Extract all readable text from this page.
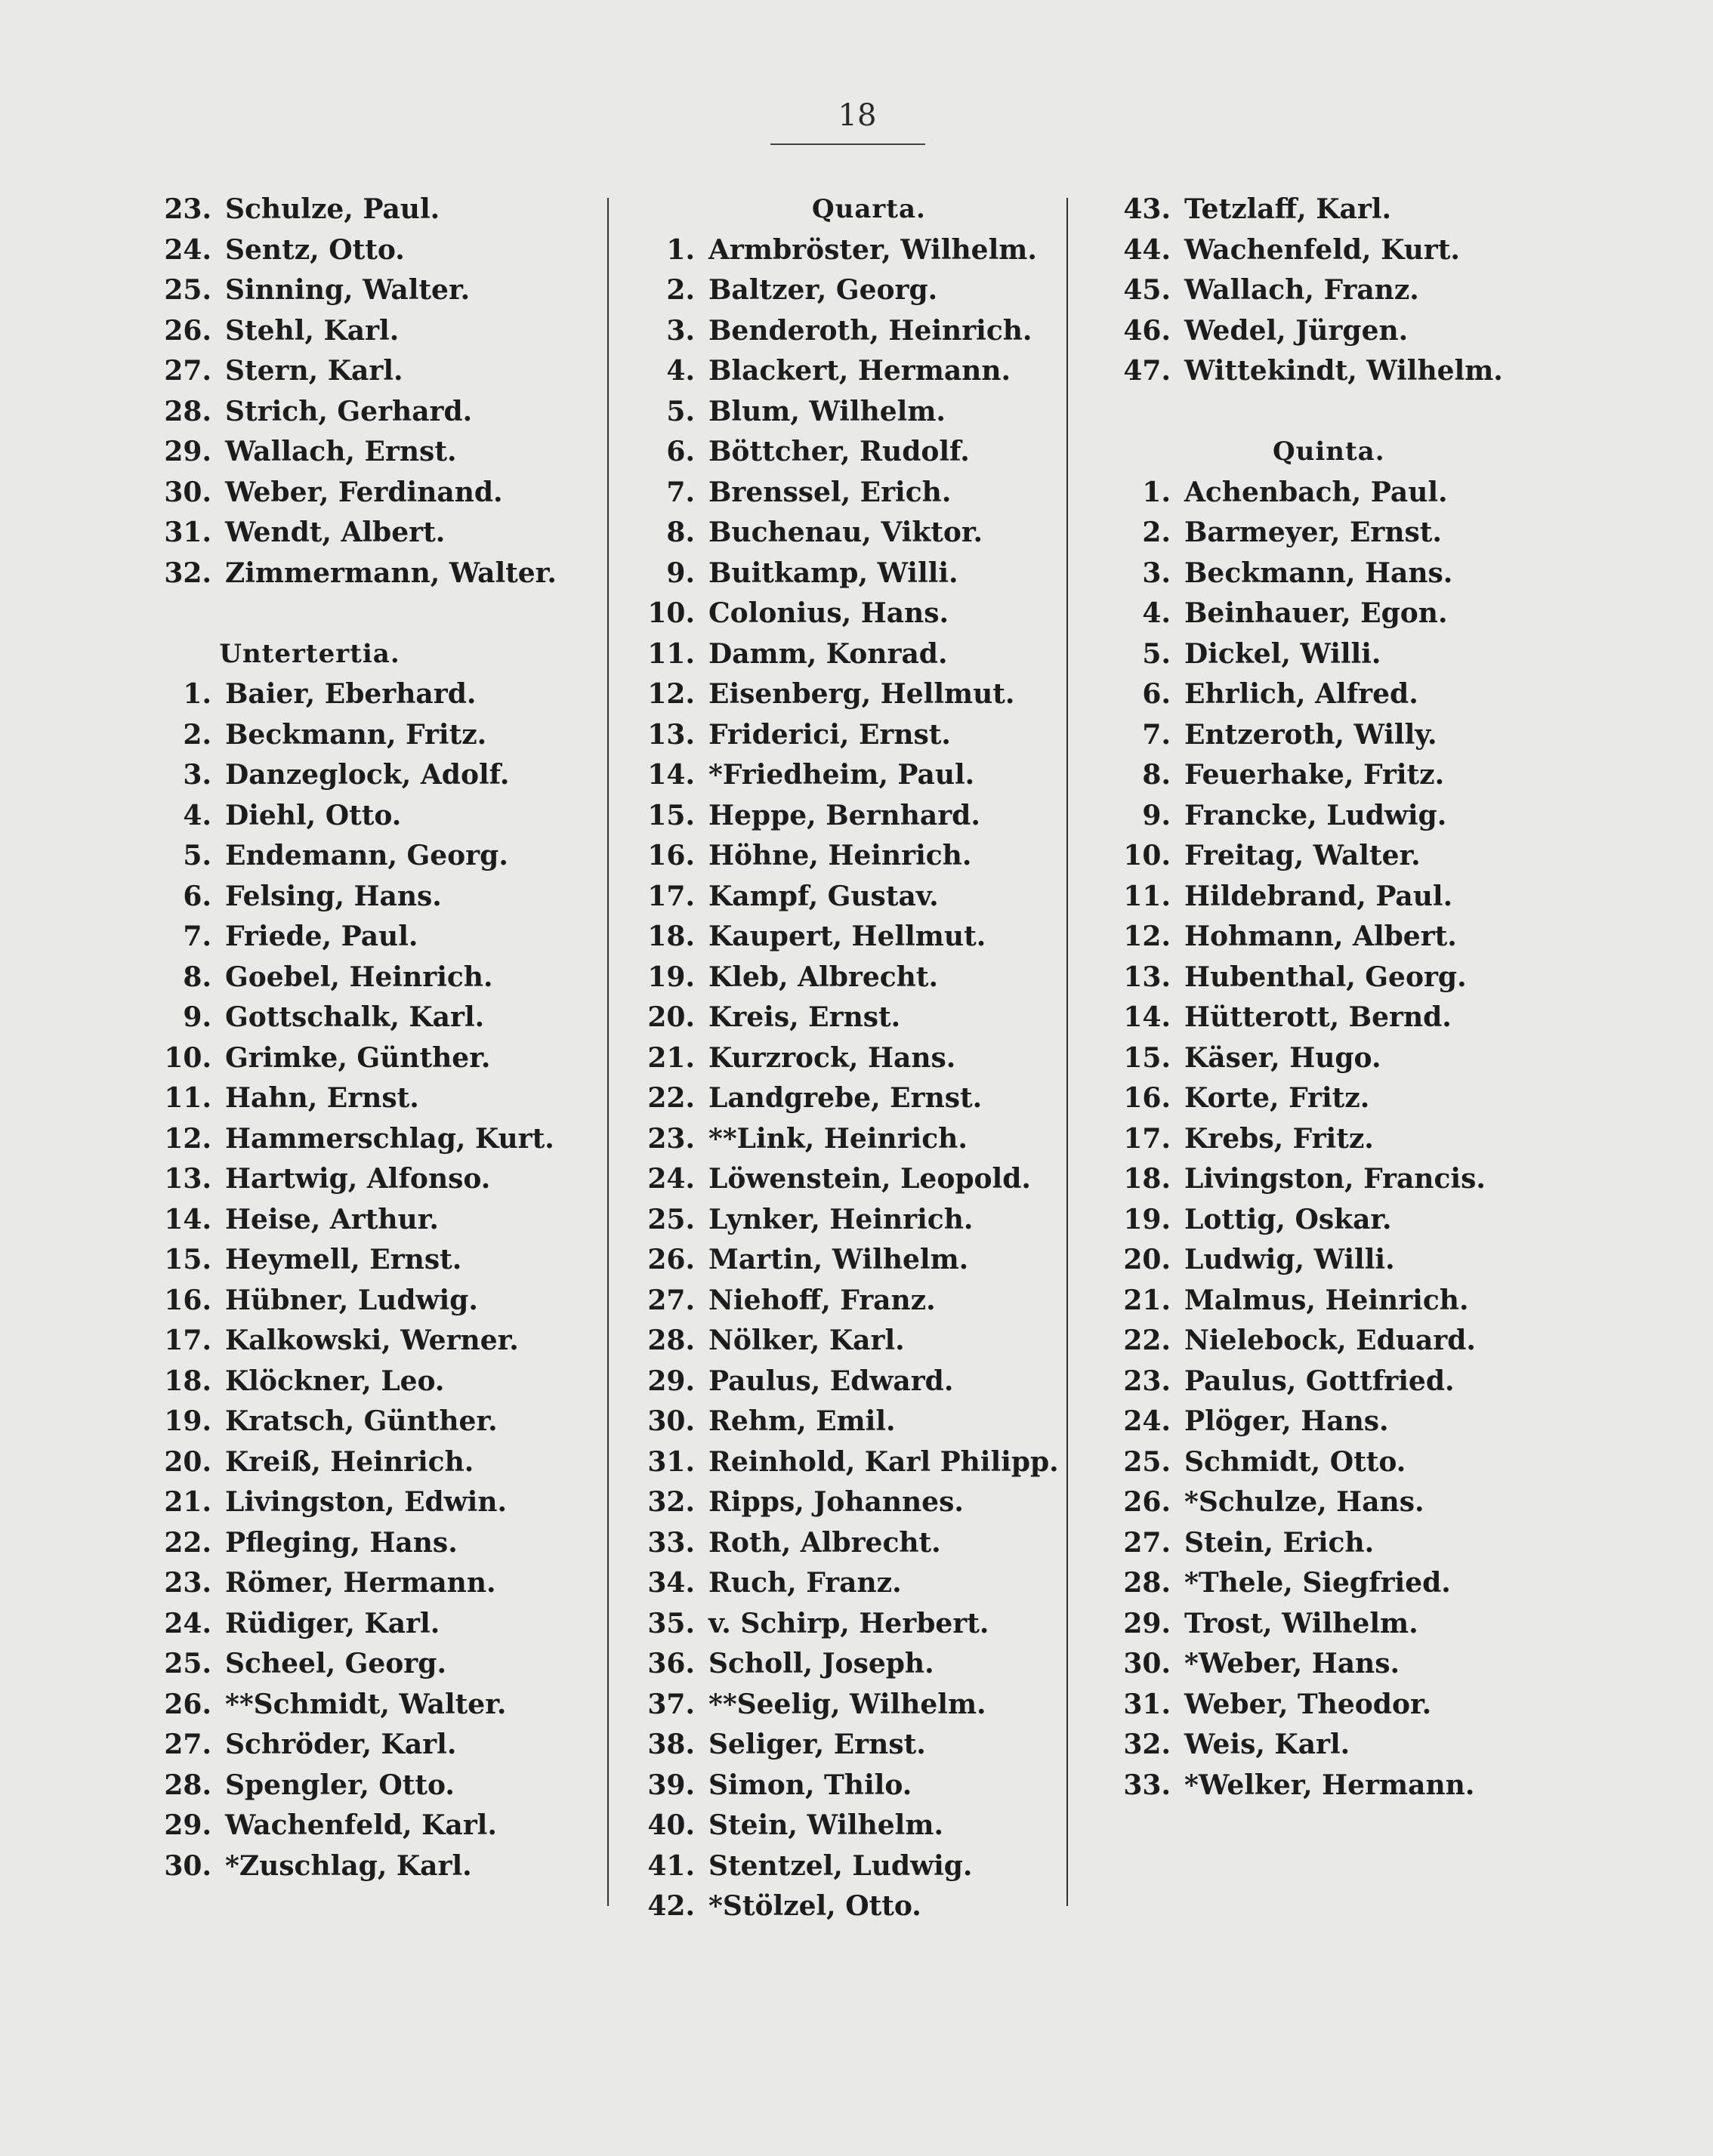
18
23. Schulze, Paul.
24. Sentz, Otto.
25. Sinning, Walter.
26. Stehl, Karl.
27. Stern, Karl.
28. Strich, Gerhard.
29. Wallach, Ernst.
30. Weber, Ferdinand.
31. Wendt, Albert.
32. Zimmermann, Walter.
Untertertia.
1. Baier, Eberhard.
2. Beckmann, Fritz.
3. Danzeglock, Adolf.
4. Diehl, Otto.
5. Endemann, Georg.
6. Felsing, Hans.
7. Friede, Paul.
8. Goebel, Heinrich.
9. Gottschalk, Karl.
10. Grimke, Günther.
11. Hahn, Ernst.
12. Hammerschlag, Kurt.
13. Hartwig, Alfonso.
14. Heise, Arthur.
15. Heymell, Ernst.
16. Hübner, Ludwig.
17. Kalkowski, Werner.
18. Klöckner, Leo.
19. Kratsch, Günther.
20. Kreiß, Heinrich.
21. Livingston, Edwin.
22. Pfleging, Hans.
23. Römer, Hermann.
24. Rüdiger, Karl.
25. Scheel, Georg.
26. **Schmidt, Walter.
27. Schröder, Karl.
28. Spengler, Otto.
29. Wachenfeld, Karl.
30. *Zuschlag, Karl.
Quarta.
1. Armbröster, Wilhelm.
2. Baltzer, Georg.
3. Benderoth, Heinrich.
4. Blackert, Hermann.
5. Blum, Wilhelm.
6. Böttcher, Rudolf.
7. Brenssel, Erich.
8. Buchenau, Viktor.
9. Buitkamp, Willi.
10. Colonius, Hans.
11. Damm, Konrad.
12. Eisenberg, Hellmut.
13. Friderici, Ernst.
14. *Friedheim, Paul.
15. Heppe, Bernhard.
16. Höhne, Heinrich.
17. Kampf, Gustav.
18. Kaupert, Hellmut.
19. Kleb, Albrecht.
20. Kreis, Ernst.
21. Kurzrock, Hans.
22. Landgrebe, Ernst.
23. **Link, Heinrich.
24. Löwenstein, Leopold.
25. Lynker, Heinrich.
26. Martin, Wilhelm.
27. Niehoff, Franz.
28. Nölker, Karl.
29. Paulus, Edward.
30. Rehm, Emil.
31. Reinhold, Karl Philipp.
32. Ripps, Johannes.
33. Roth, Albrecht.
34. Ruch, Franz.
35. v. Schirp, Herbert.
36. Scholl, Joseph.
37. **Seelig, Wilhelm.
38. Seliger, Ernst.
39. Simon, Thilo.
40. Stein, Wilhelm.
41. Stentzel, Ludwig.
42. *Stölzel, Otto.
43. Tetzlaff, Karl.
44. Wachenfeld, Kurt.
45. Wallach, Franz.
46. Wedel, Jürgen.
47. Wittekindt, Wilhelm.
Quinta.
1. Achenbach, Paul.
2. Barmeyer, Ernst.
3. Beckmann, Hans.
4. Beinhauer, Egon.
5. Dickel, Willi.
6. Ehrlich, Alfred.
7. Entzeroth, Willy.
8. Feuerhake, Fritz.
9. Francke, Ludwig.
10. Freitag, Walter.
11. Hildebrand, Paul.
12. Hohmann, Albert.
13. Hubenthal, Georg.
14. Hütterott, Bernd.
15. Käser, Hugo.
16. Korte, Fritz.
17. Krebs, Fritz.
18. Livingston, Francis.
19. Lottig, Oskar.
20. Ludwig, Willi.
21. Malmus, Heinrich.
22. Nielebock, Eduard.
23. Paulus, Gottfried.
24. Plöger, Hans.
25. Schmidt, Otto.
26. *Schulze, Hans.
27. Stein, Erich.
28. *Thele, Siegfried.
29. Trost, Wilhelm.
30. *Weber, Hans.
31. Weber, Theodor.
32. Weis, Karl.
33. *Welker, Hermann.
